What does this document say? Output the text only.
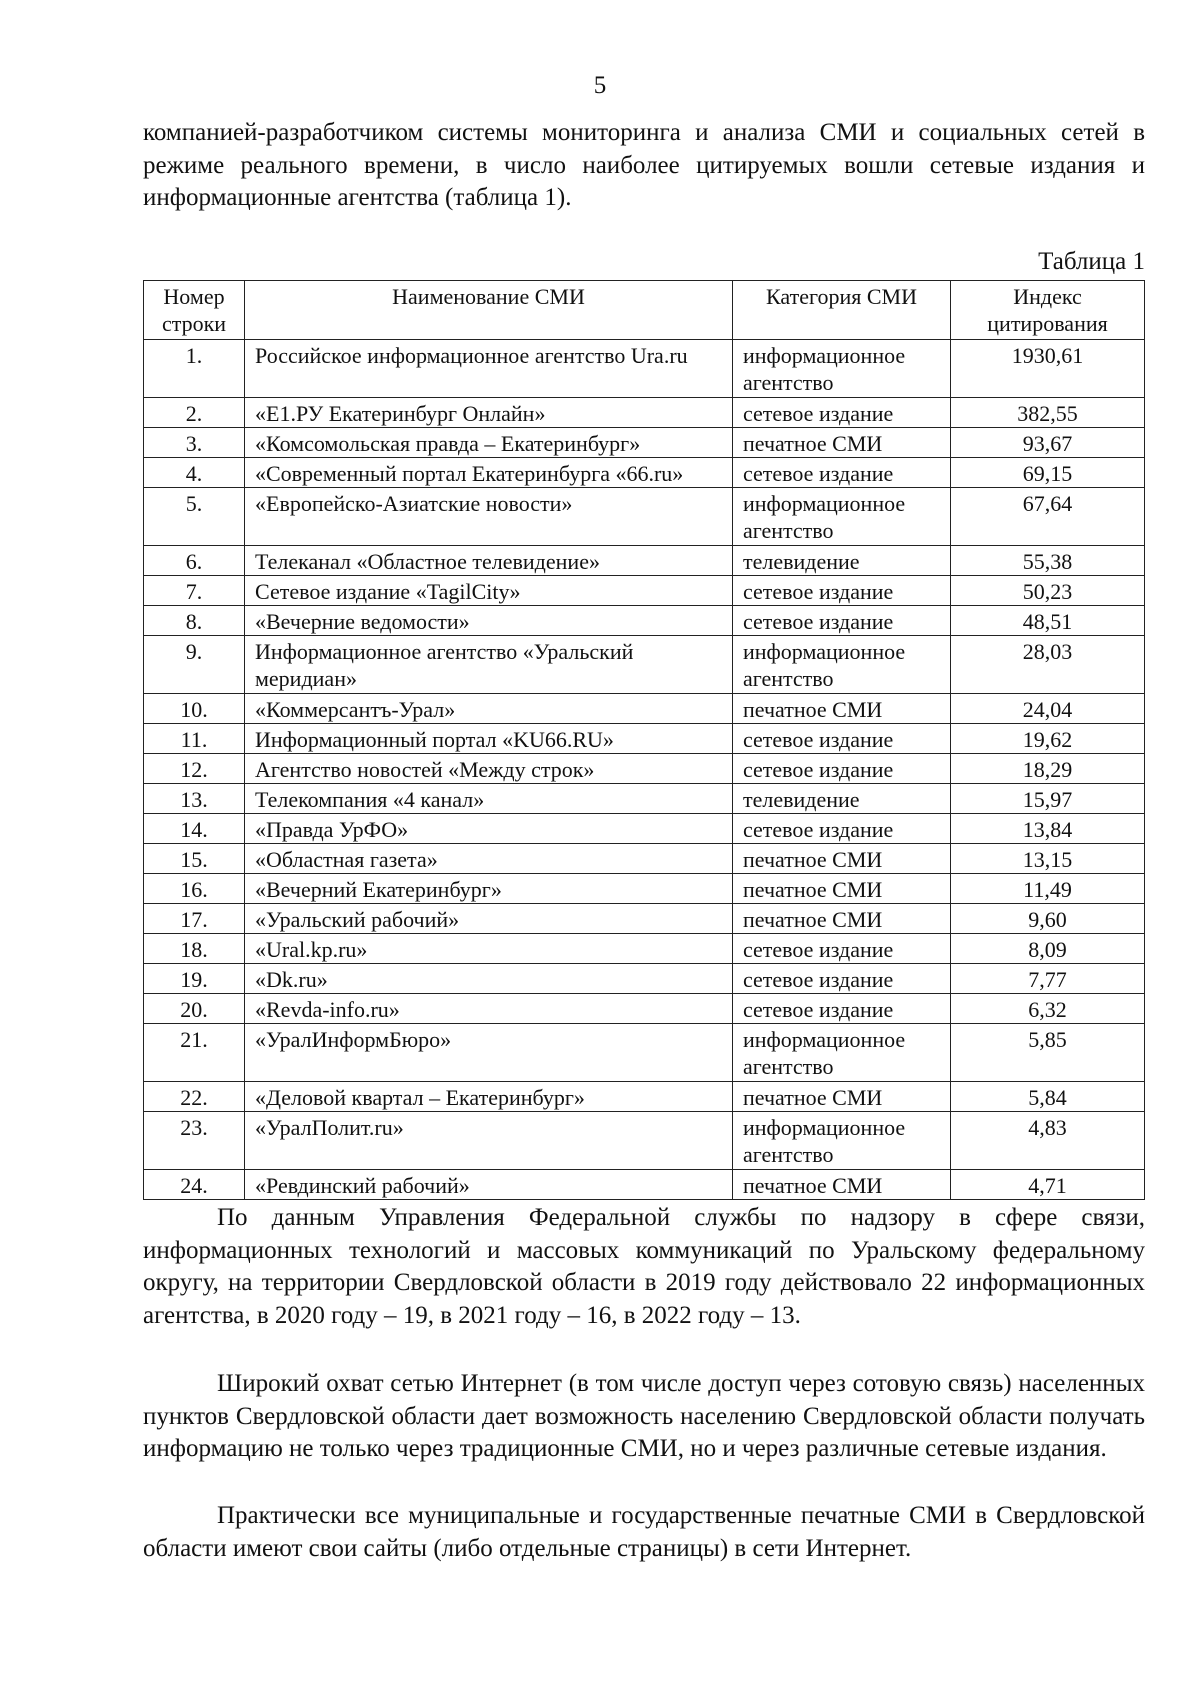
5

компанией-разработчиком системы мониторинга и анализа СМИ и социальных сетей в режиме реального времени, в число наиболее цитируемых вошли сетевые издания и информационные агентства (таблица 1).

Таблица 1
Номер строки	Наименование СМИ	Категория СМИ	Индекс цитирования
1.	Российское информационное агентство Ura.ru	информационное агентство	1930,61
2.	«Е1.РУ Екатеринбург Онлайн»	сетевое издание	382,55
3.	«Комсомольская правда – Екатеринбург»	печатное СМИ	93,67
4.	«Современный портал Екатеринбурга «66.ru»	сетевое издание	69,15
5.	«Европейско-Азиатские новости»	информационное агентство	67,64
6.	Телеканал «Областное телевидение»	телевидение	55,38
7.	Сетевое издание «TagilCity»	сетевое издание	50,23
8.	«Вечерние ведомости»	сетевое издание	48,51
9.	Информационное агентство «Уральский меридиан»	информационное агентство	28,03
10.	«Коммерсантъ-Урал»	печатное СМИ	24,04
11.	Информационный портал «KU66.RU»	сетевое издание	19,62
12.	Агентство новостей «Между строк»	сетевое издание	18,29
13.	Телекомпания «4 канал»	телевидение	15,97
14.	«Правда УрФО»	сетевое издание	13,84
15.	«Областная газета»	печатное СМИ	13,15
16.	«Вечерний Екатеринбург»	печатное СМИ	11,49
17.	«Уральский рабочий»	печатное СМИ	9,60
18.	«Ural.kp.ru»	сетевое издание	8,09
19.	«Dk.ru»	сетевое издание	7,77
20.	«Revda-info.ru»	сетевое издание	6,32
21.	«УралИнформБюро»	информационное агентство	5,85
22.	«Деловой квартал – Екатеринбург»	печатное СМИ	5,84
23.	«УралПолит.ru»	информационное агентство	4,83
24.	«Ревдинский рабочий»	печатное СМИ	4,71

По данным Управления Федеральной службы по надзору в сфере связи, информационных технологий и массовых коммуникаций по Уральскому федеральному округу, на территории Свердловской области в 2019 году действовало 22 информационных агентства, в 2020 году – 19, в 2021 году – 16, в 2022 году – 13.

Широкий охват сетью Интернет (в том числе доступ через сотовую связь) населенных пунктов Свердловской области дает возможность населению Свердловской области получать информацию не только через традиционные СМИ, но и через различные сетевые издания.

Практически все муниципальные и государственные печатные СМИ в Свердловской области имеют свои сайты (либо отдельные страницы) в сети Интернет.
